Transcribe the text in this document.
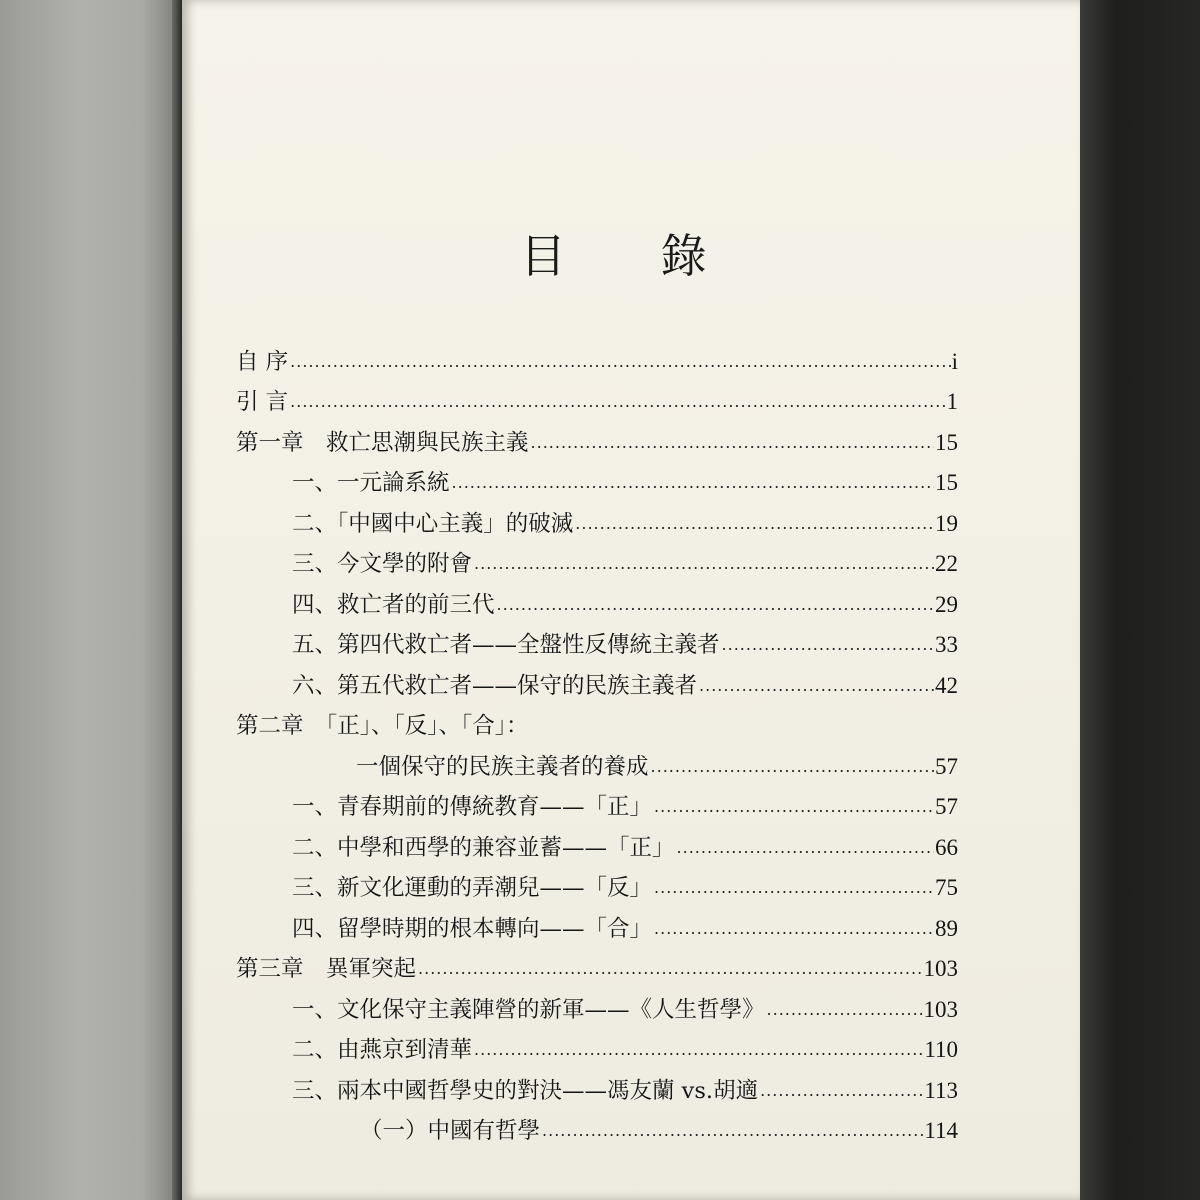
目 錄
自 序 .....	i
引 言 .....	1
第一章　救亡思潮與民族主義 .....	15
一、一元論系統 .....	15
二、「中國中心主義」的破滅 .....	19
三、今文學的附會 .....	22
四、救亡者的前三代 .....	29
五、第四代救亡者——全盤性反傳統主義者 .....	33
六、第五代救亡者——保守的民族主義者 .....	42
第二章　「正」、「反」、「合」：
一個保守的民族主義者的養成 .....	57
一、青春期前的傳統教育——「正」 .....	57
二、中學和西學的兼容並蓄——「正」 .....	66
三、新文化運動的弄潮兒——「反」 .....	75
四、留學時期的根本轉向——「合」 .....	89
第三章　異軍突起 .....	103
一、文化保守主義陣營的新軍——《人生哲學》 .....	103
二、由燕京到清華 .....	110
三、兩本中國哲學史的對決——馮友蘭 vs.胡適 .....	113
（一）中國有哲學 .....	114
